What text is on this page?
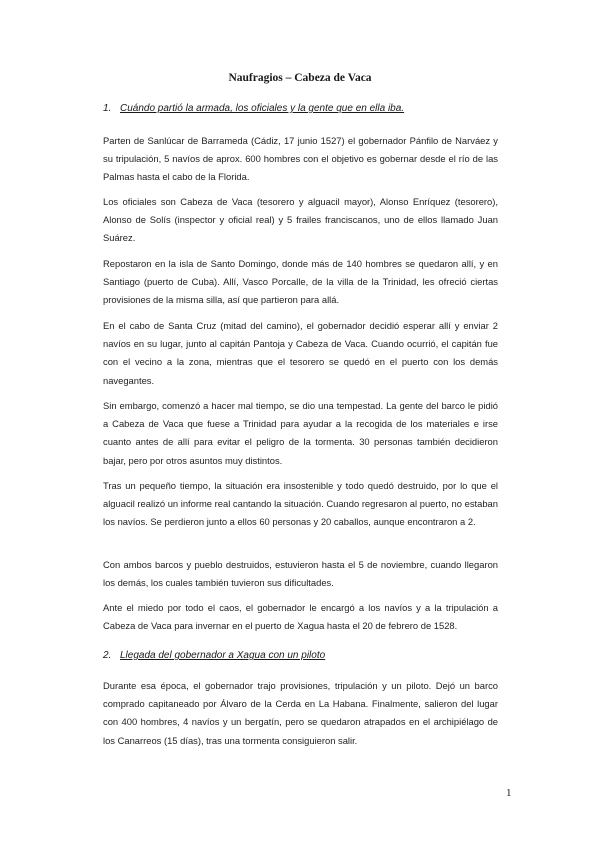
Naufragios – Cabeza de Vaca
1. Cuándo partió la armada, los oficiales y la gente que en ella iba.

Parten de Sanlúcar de Barrameda (Cádiz, 17 junio 1527) el gobernador Pánfilo de Narváez y su tripulación, 5 navíos de aprox. 600 hombres con el objetivo es gobernar desde el río de las Palmas hasta el cabo de la Florida.

Los oficiales son Cabeza de Vaca (tesorero y alguacil mayor), Alonso Enríquez (tesorero), Alonso de Solís (inspector y oficial real) y 5 frailes franciscanos, uno de ellos llamado Juan Suárez.

Repostaron en la isla de Santo Domingo, donde más de 140 hombres se quedaron allí, y en Santiago (puerto de Cuba). Allí, Vasco Porcalle, de la villa de la Trinidad, les ofreció ciertas provisiones de la misma silla, así que partieron para allá.

En el cabo de Santa Cruz (mitad del camino), el gobernador decidió esperar allí y enviar 2 navíos en su lugar, junto al capitán Pantoja y Cabeza de Vaca. Cuando ocurrió, el capitán fue con el vecino a la zona, mientras que el tesorero se quedó en el puerto con los demás navegantes.

Sin embargo, comenzó a hacer mal tiempo, se dio una tempestad. La gente del barco le pidió a Cabeza de Vaca que fuese a Trinidad para ayudar a la recogida de los materiales e irse cuanto antes de allí para evitar el peligro de la tormenta. 30 personas también decidieron bajar, pero por otros asuntos muy distintos.

Tras un pequeño tiempo, la situación era insostenible y todo quedó destruido, por lo que el alguacil realizó un informe real cantando la situación. Cuando regresaron al puerto, no estaban los navíos. Se perdieron junto a ellos 60 personas y 20 caballos, aunque encontraron a 2.

Con ambos barcos y pueblo destruidos, estuvieron hasta el 5 de noviembre, cuando llegaron los demás, los cuales también tuvieron sus dificultades.

Ante el miedo por todo el caos, el gobernador le encargó a los navíos y a la tripulación a Cabeza de Vaca para invernar en el puerto de Xagua hasta el 20 de febrero de 1528.

2. Llegada del gobernador a Xagua con un piloto

Durante esa época, el gobernador trajo provisiones, tripulación y un piloto. Dejó un barco comprado capitaneado por Álvaro de la Cerda en La Habana. Finalmente, salieron del lugar con 400 hombres, 4 navíos y un bergatín, pero se quedaron atrapados en el archipiélago de los Canarreos (15 días), tras una tormenta consiguieron salir.

1
